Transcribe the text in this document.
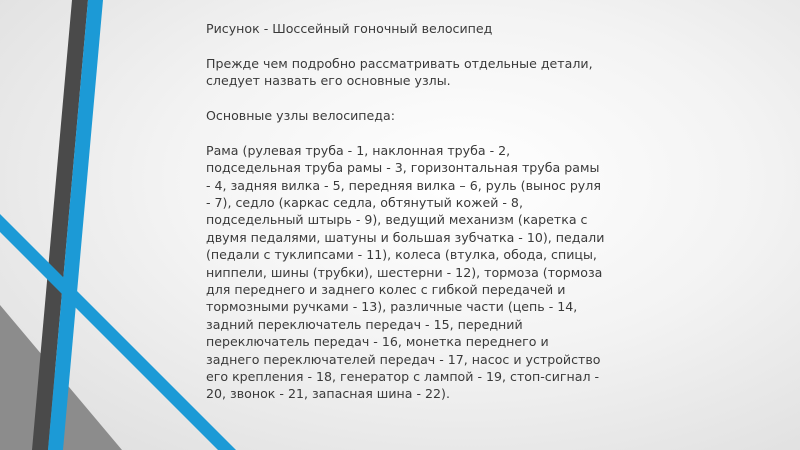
Рисунок - Шоссейный гоночный велосипед

Прежде чем подробно рассматривать отдельные детали, следует назвать его основные узлы.

Основные узлы велосипеда:

Рама (рулевая труба - 1, наклонная труба - 2, подседельная труба рамы - 3, горизонтальная труба рамы - 4, задняя вилка - 5, передняя вилка – 6, руль (вынос руля - 7), седло (каркас седла, обтянутый кожей - 8, подседельный штырь - 9), ведущий механизм (каретка с двумя педалями, шатуны и большая зубчатка - 10), педали (педали с туклипсами - 11), колеса (втулка, обода, спицы, ниппели, шины (трубки), шестерни - 12), тормоза (тормоза для переднего и заднего колес с гибкой передачей и тормозными ручками - 13), различные части (цепь - 14, задний переключатель передач - 15, передний переключатель передач - 16, монетка переднего и заднего переключателей передач - 17, насос и устройство его крепления - 18, генератор с лампой - 19, стоп-сигнал - 20, звонок - 21, запасная шина - 22).
